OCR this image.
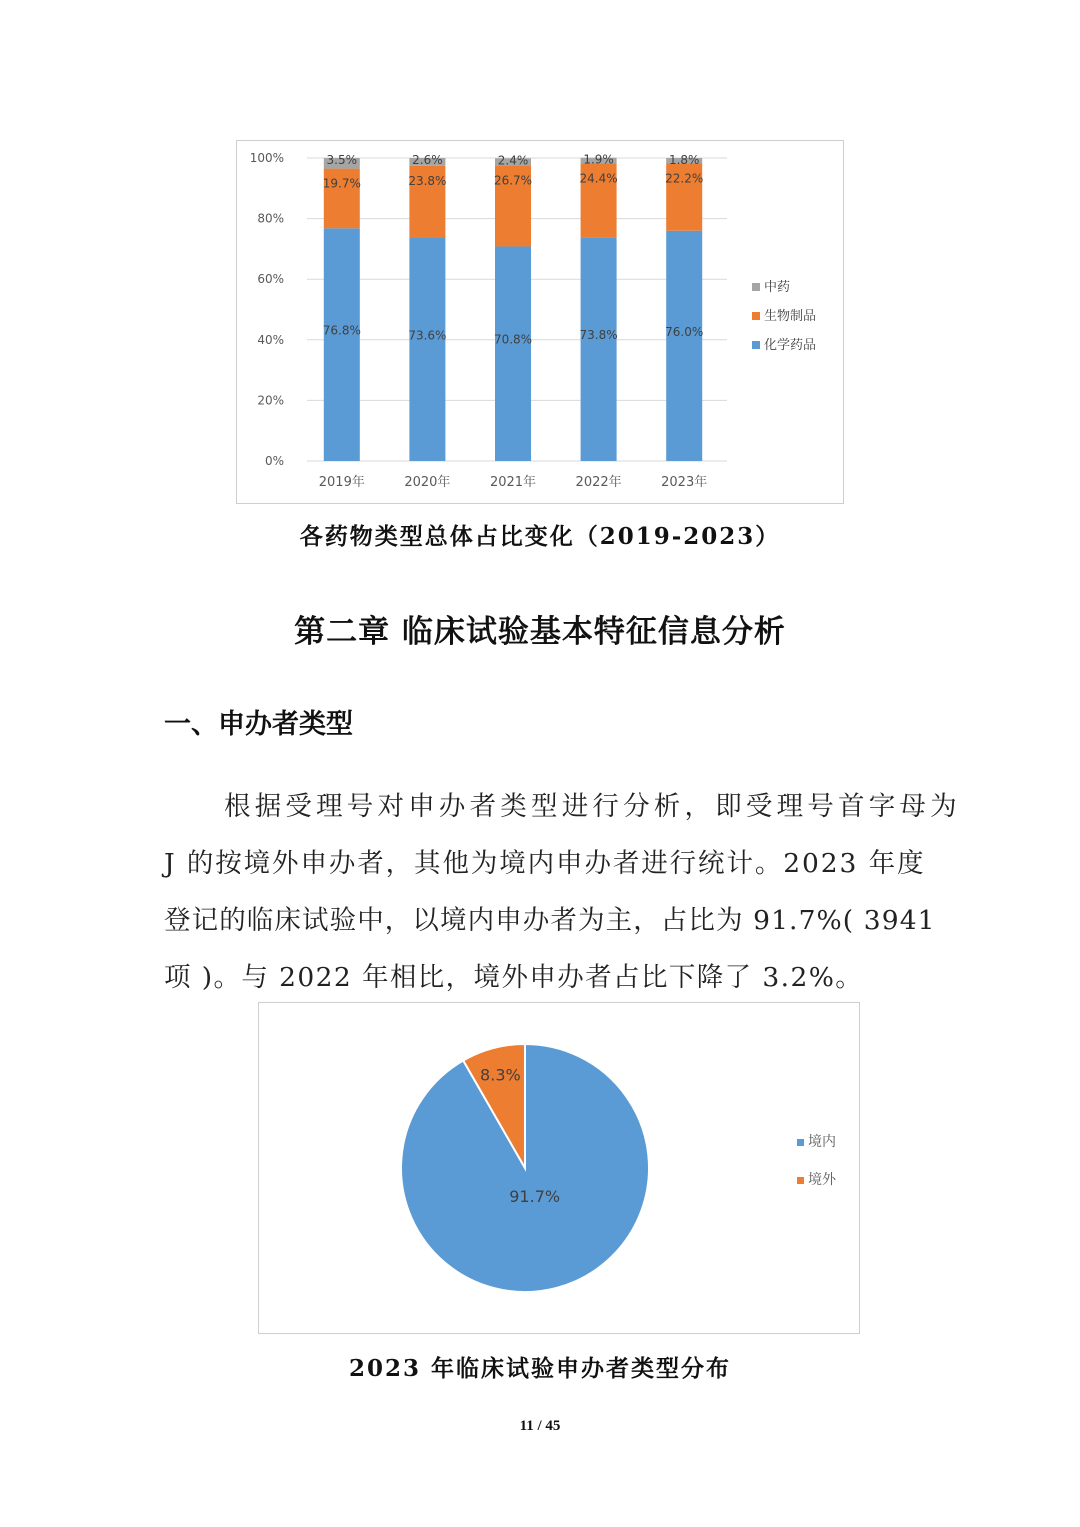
0%
20%
40%
60%
80%
100%
76.8%
19.7%
3.5%
2019年
73.6%
23.8%
2.6%
2020年
70.8%
26.7%
2.4%
2021年
73.8%
24.4%
1.9%
2022年
76.0%
22.2%
1.8%
2023年
中药
生物制品
化学药品
各药物类型总体占比变化（2019-2023）
第二章 临床试验基本特征信息分析
一、申办者类型
根据受理号对申办者类型进行分析，即受理号首字母为
J 的按境外申办者，其他为境内申办者进行统计。2023 年度
登记的临床试验中，以境内申办者为主，占比为 91.7%( 3941
项 )。与 2022 年相比，境外申办者占比下降了 3.2%。
91.7%
8.3%
境内
境外
2023 年临床试验申办者类型分布
11 / 45
